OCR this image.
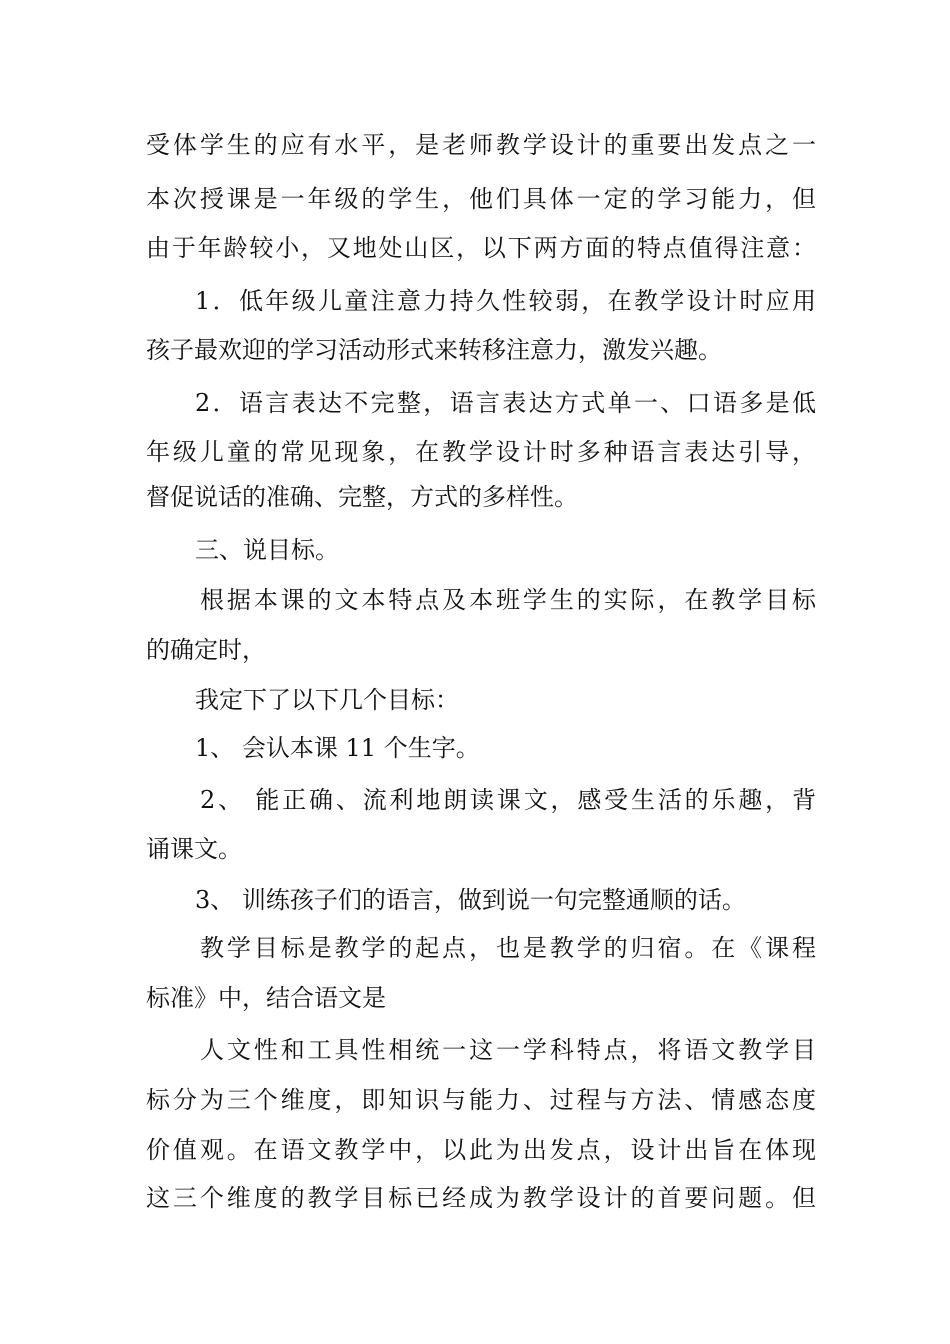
受体学生的应有水平，是老师教学设计的重要出发点之一
本次授课是一年级的学生，他们具体一定的学习能力，但
由于年龄较小，又地处山区，以下两方面的特点值得注意：
1．低年级儿童注意力持久性较弱，在教学设计时应用
孩子最欢迎的学习活动形式来转移注意力，激发兴趣。
2．语言表达不完整，语言表达方式单一、口语多是低
年级儿童的常见现象，在教学设计时多种语言表达引导，
督促说话的准确、完整，方式的多样性。
三、说目标。
根据本课的文本特点及本班学生的实际，在教学目标
的确定时，
我定下了以下几个目标：
1、 会认本课 11 个生字。
2、 能正确、流利地朗读课文，感受生活的乐趣，背
诵课文。
3、 训练孩子们的语言，做到说一句完整通顺的话。
教学目标是教学的起点，也是教学的归宿。在《课程
标准》中，结合语文是
人文性和工具性相统一这一学科特点，将语文教学目
标分为三个维度，即知识与能力、过程与方法、情感态度
价值观。在语文教学中，以此为出发点，设计出旨在体现
这三个维度的教学目标已经成为教学设计的首要问题。但
